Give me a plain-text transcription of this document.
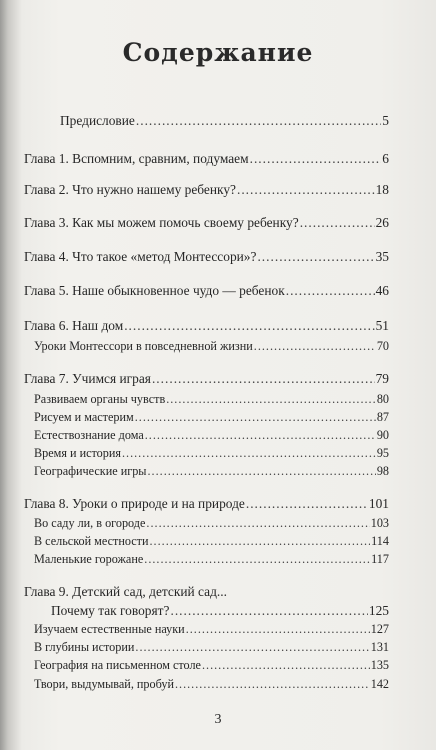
Содержание
Предисловие .....	5
Глава 1. Вспомним, сравним, подумаем .....	6
Глава 2. Что нужно нашему ребенку? .....	18
Глава 3. Как мы можем помочь своему ребенку? .....	26
Глава 4. Что такое «метод Монтессори»? .....	35
Глава 5. Наше обыкновенное чудо — ребенок .....	46
Глава 6. Наш дом .....	51
Уроки Монтессори в повседневной жизни .....	70
Глава 7. Учимся играя .....	79
Развиваем органы чувств .....	80
Рисуем и мастерим .....	87
Естествознание дома .....	90
Время и история .....	95
Географические игры .....	98
Глава 8. Уроки о природе и на природе .....	101
Во саду ли, в огороде .....	103
В сельской местности .....	114
Маленькие горожане .....	117
Глава 9. Детский сад, детский сад...
Почему так говорят? .....	125
Изучаем естественные науки .....	127
В глубины истории .....	131
География на письменном столе .....	135
Твори, выдумывай, пробуй .....	142
3
